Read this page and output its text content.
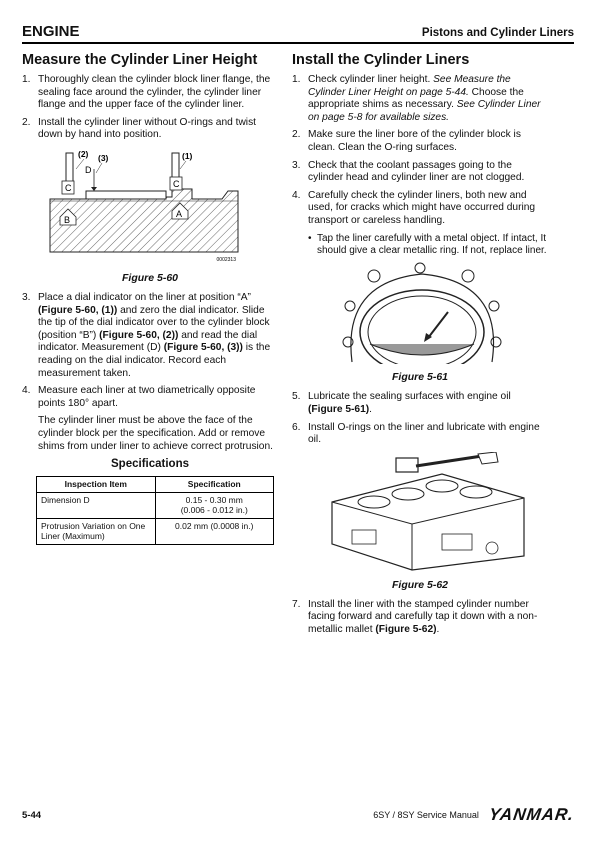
ENGINE	Pistons and Cylinder Liners
Measure the Cylinder Liner Height
1. Thoroughly clean the cylinder block liner flange, the sealing face around the cylinder, the cylinder liner flange and the upper face of the cylinder liner.
2. Install the cylinder liner without O-rings and twist down by hand into position.
C	C
B
A
D
(2) (3)	(1)
0002313
Figure 5-60
3. Place a dial indicator on the liner at position “A” (Figure 5-60, (1)) and zero the dial indicator. Slide the tip of the dial indicator over to the cylinder block (position “B”) (Figure 5-60, (2)) and read the dial indicator. Measurement (D) (Figure 5-60, (3)) is the reading on the dial indicator. Record each measurement taken.
4. Measure each liner at two diametrically opposite points 180° apart.
The cylinder liner must be above the face of the cylinder block per the specification. Add or remove shims from under liner to achieve correct protrusion.
Specifications
Inspection Item	Specification
Dimension D	0.15 - 0.30 mm
(0.006 - 0.012 in.)

Protrusion Variation on One Liner (Maximum)	0.02 mm (0.0008 in.)
Install the Cylinder Liners
1. Check cylinder liner height. See Measure the Cylinder Liner Height on page 5-44. Choose the appropriate shims as necessary. See Cylinder Liner on page 5-8 for available sizes.
2. Make sure the liner bore of the cylinder block is clean. Clean the O-ring surfaces.
3. Check that the coolant passages going to the cylinder head and cylinder liner are not clogged.
4. Carefully check the cylinder liners, both new and used, for cracks which might have occurred during transport or careless handling.
• Tap the liner carefully with a metal object. If intact, It should give a clear metallic ring. If not, replace liner.
Figure 5-61
5. Lubricate the sealing surfaces with engine oil (Figure 5-61).
6. Install O-rings on the liner and lubricate with engine oil.
Figure 5-62
7. Install the liner with the stamped cylinder number facing forward and carefully tap it down with a non-metallic mallet (Figure 5-62).
5-44	6SY / 8SY Service Manual YANMAR.
